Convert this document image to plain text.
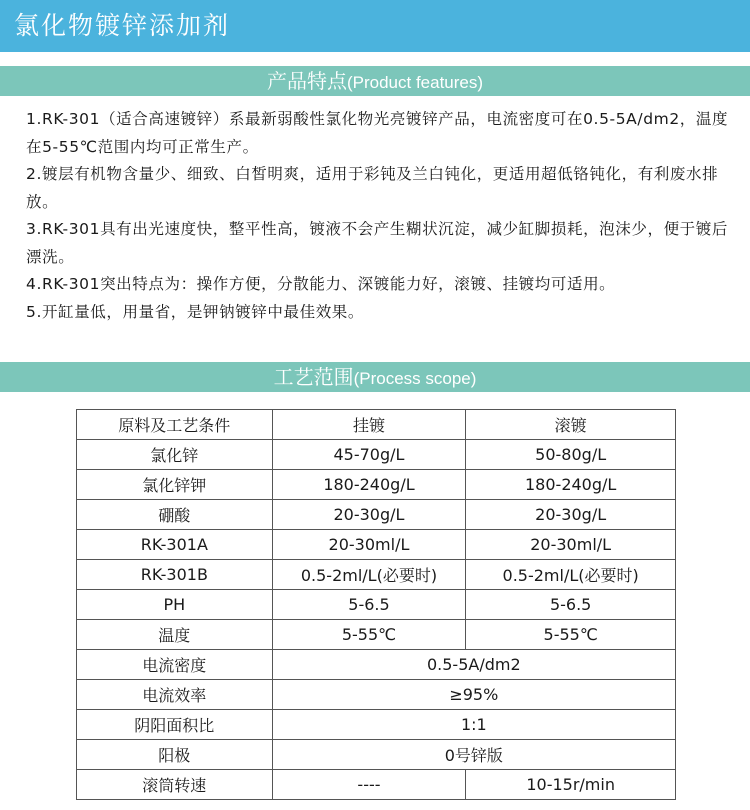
氯化物镀锌添加剂
产品特点(Product features)

1.RK-301（适合高速镀锌）系最新弱酸性氯化物光亮镀锌产品，电流密度可在0.5-5A/dm2，温度在5-55℃范围内均可正常生产。

2.镀层有机物含量少、细致、白皙明爽，适用于彩钝及兰白钝化，更适用超低铬钝化，有利废水排放。

3.RK-301具有出光速度快，整平性高，镀液不会产生糊状沉淀，减少缸脚损耗，泡沫少，便于镀后漂洗。

4.RK-301突出特点为：操作方便，分散能力、深镀能力好，滚镀、挂镀均可适用。

5.开缸量低，用量省，是钾钠镀锌中最佳效果。

工艺范围(Process scope)
原料及工艺条件	挂镀	滚镀
氯化锌	45-70g/L	50-80g/L
氯化锌钾	180-240g/L	180-240g/L
硼酸	20-30g/L	20-30g/L
RK-301A	20-30ml/L	20-30ml/L
RK-301B	0.5-2ml/L(必要时)	0.5-2ml/L(必要时)
PH	5-6.5	5-6.5
温度	5-55℃	5-55℃
电流密度	0.5-5A/dm2	
电流效率	≥95%	
阴阳面积比	1:1	
阳极	0号锌版	
滚筒转速	----	10-15r/min
